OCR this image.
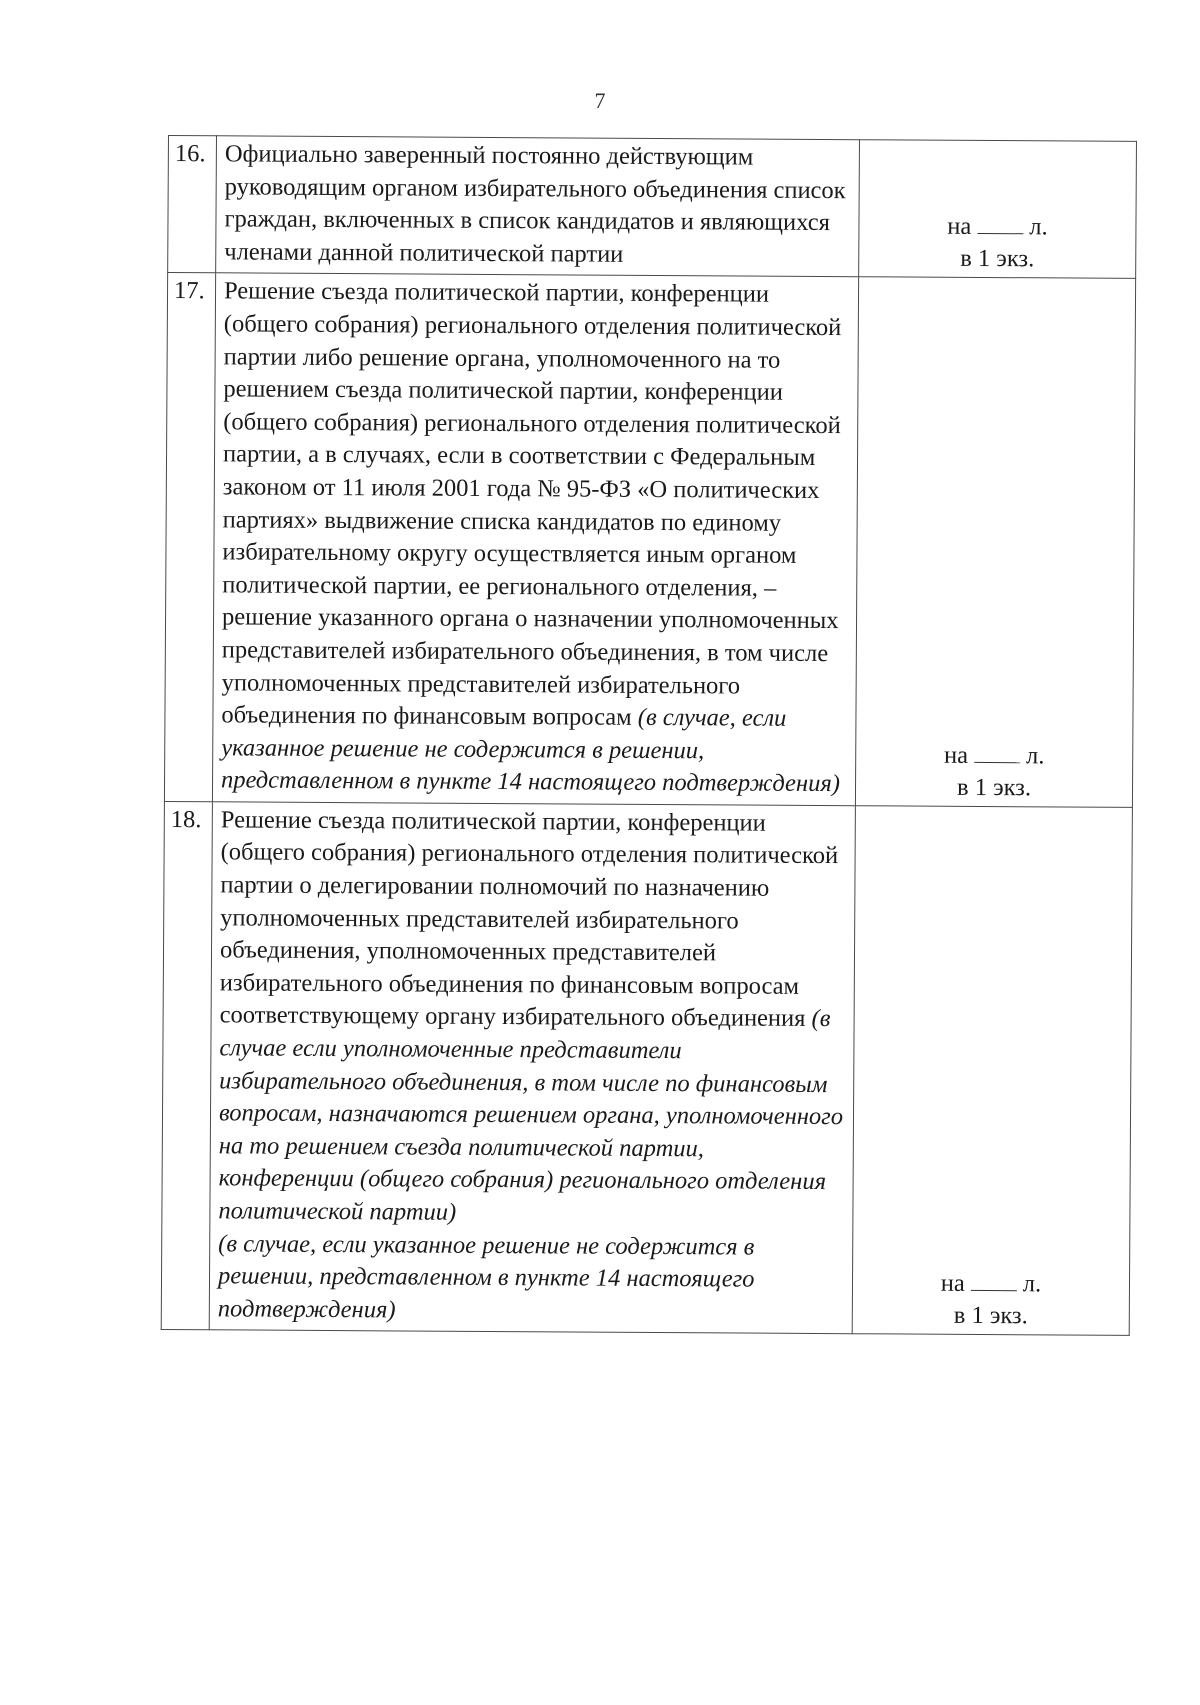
7
16.	Официально заверенный постоянно действующим руководящим органом избирательного объединения список граждан, включенных в список кандидатов и являющихся членами данной политической партии	на л.
в 1 экз.

17.	Решение съезда политической партии, конференции (общего собрания) регионального отделения политической партии либо решение органа, уполномоченного на то решением съезда политической партии, конференции (общего собрания) регионального отделения политической партии, а в случаях, если в соответствии с Федеральным законом от 11 июля 2001 года № 95-ФЗ «О политических партиях» выдвижение списка кандидатов по единому избирательному округу осуществляется иным органом политической партии, ее регионального отделения, – решение указанного органа о назначении уполномоченных представителей избирательного объединения, в том числе уполномоченных представителей избирательного объединения по финансовым вопросам (в случае, если указанное решение не содержится в решении, представленном в пункте 14 настоящего подтверждения)	на л.
в 1 экз.

18.	Решение съезда политической партии, конференции (общего собрания) регионального отделения политической партии о делегировании полномочий по назначению уполномоченных представителей избирательного объединения, уполномоченных представителей избирательного объединения по финансовым вопросам соответствующему органу избирательного объединения (в случае если уполномоченные представители избирательного объединения, в том числе по финансовым вопросам, назначаются решением органа, уполномоченного на то решением съезда политической партии, конференции (общего собрания) регионального отделения политической партии)
(в случае, если указанное решение не содержится в решении, представленном в пункте 14 настоящего подтверждения)	на л.
в 1 экз.
